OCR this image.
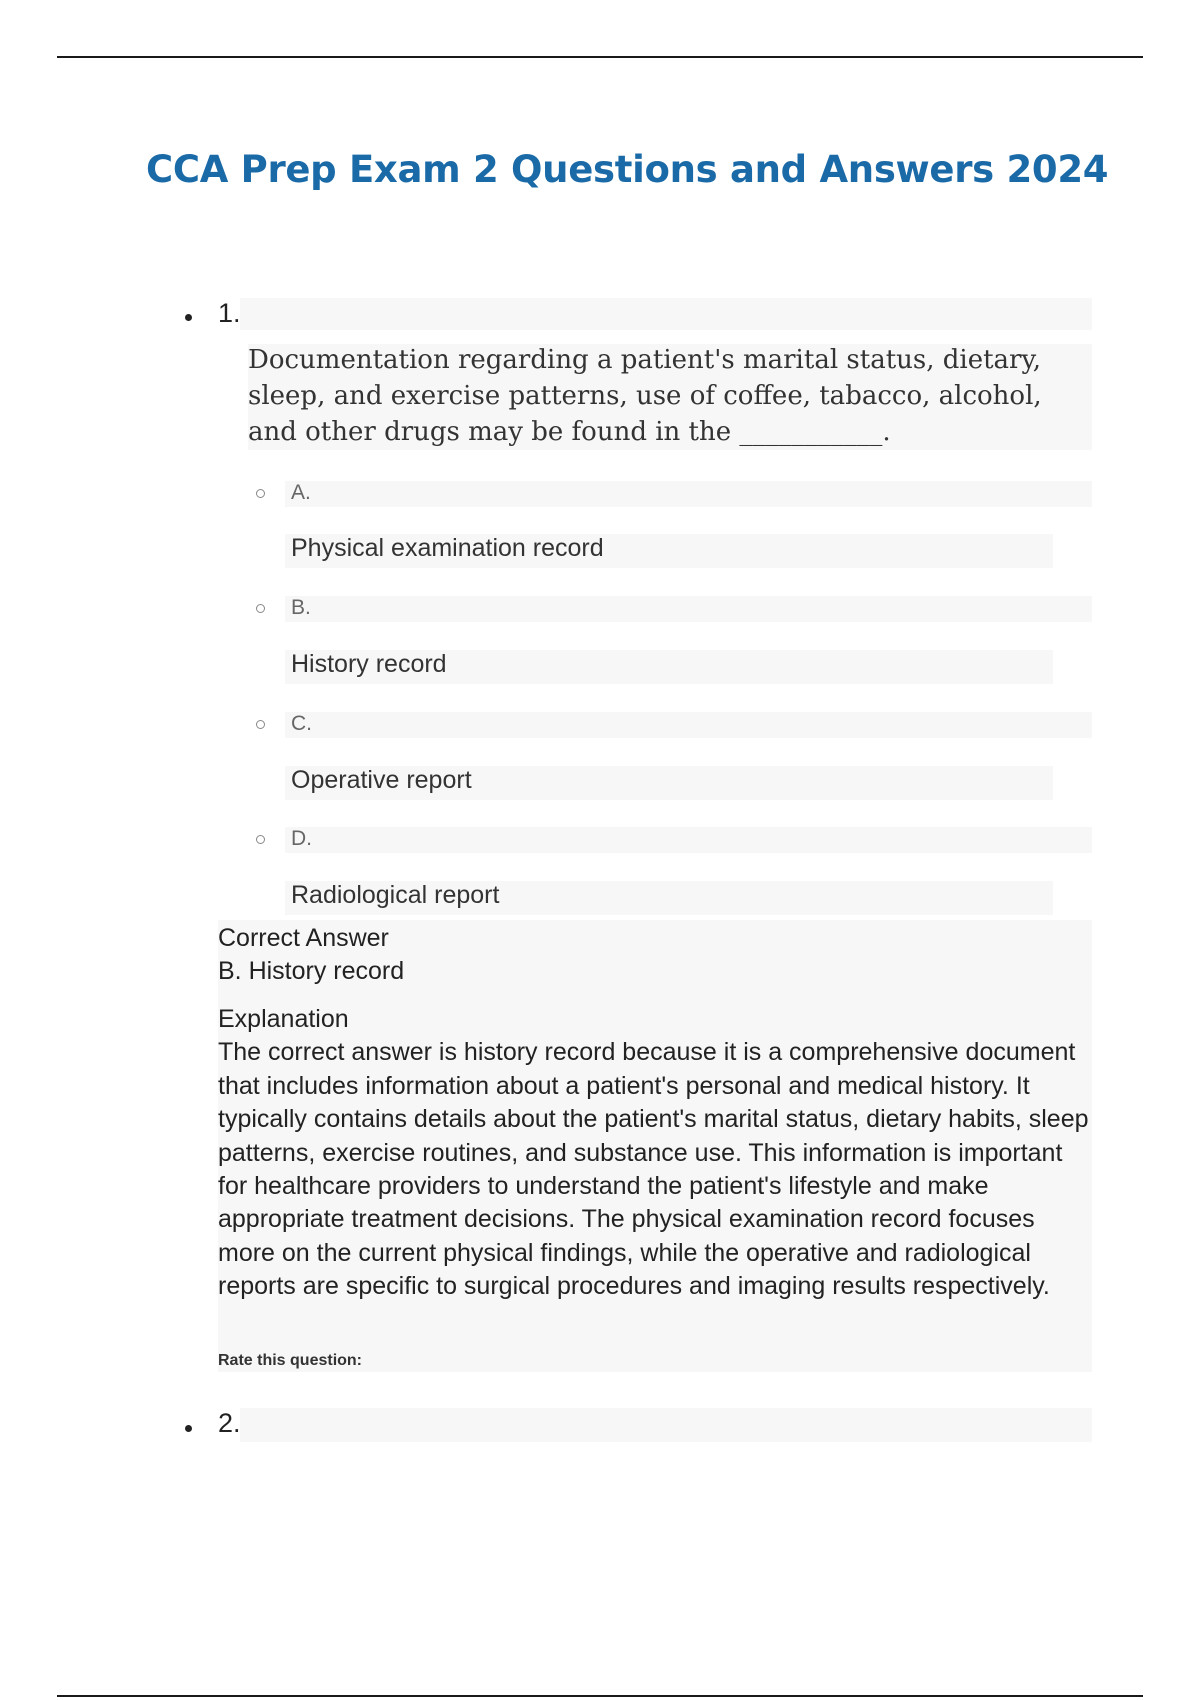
CCA Prep Exam 2 Questions and Answers 2024
1.

Documentation regarding a patient's marital status, dietary, sleep, and exercise patterns, use of coffee, tabacco, alcohol, and other drugs may be found in the ___________.

A.
Physical examination record
B.
History record
C.
Operative report
D.
Radiological report
Correct Answer
B. History record
Explanation
The correct answer is history record because it is a comprehensive document that includes information about a patient's personal and medical history. It typically contains details about the patient's marital status, dietary habits, sleep patterns, exercise routines, and substance use. This information is important for healthcare providers to understand the patient's lifestyle and make appropriate treatment decisions. The physical examination record focuses more on the current physical findings, while the operative and radiological reports are specific to surgical procedures and imaging results respectively.
Rate this question:
2.
